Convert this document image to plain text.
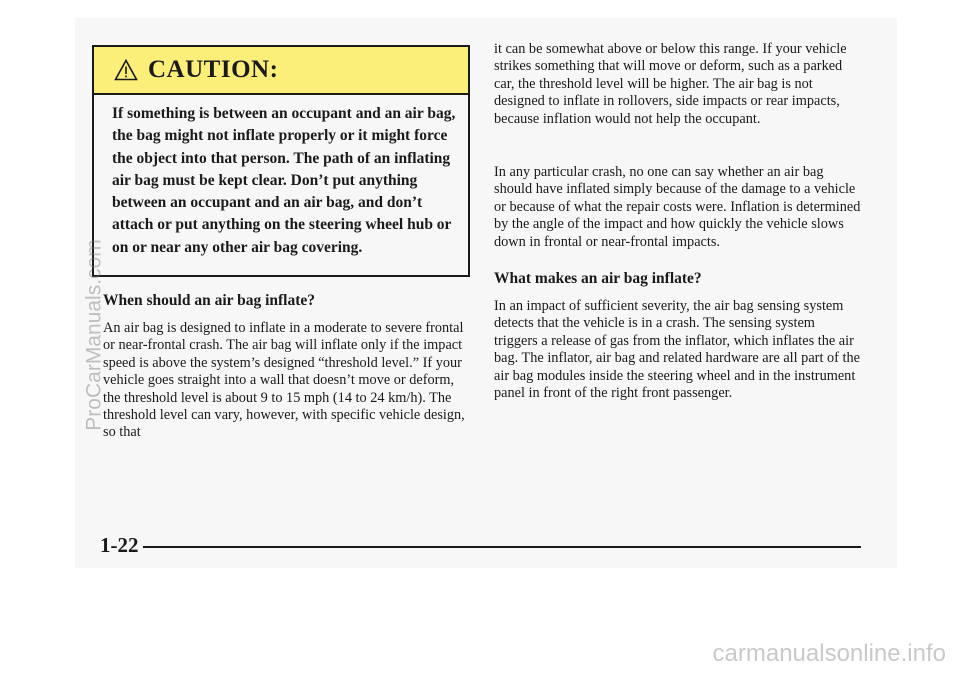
CAUTION:
If something is between an occupant and an air bag, the bag might not inflate properly or it might force the object into that person. The path of an inflating air bag must be kept clear. Don’t put anything between an occupant and an air bag, and don’t attach or put anything on the steering wheel hub or on or near any other air bag covering.
When should an air bag inflate?

An air bag is designed to inflate in a moderate to severe frontal or near-frontal crash. The air bag will inflate only if the impact speed is above the system’s designed “threshold level.” If your vehicle goes straight into a wall that doesn’t move or deform, the threshold level is about 9 to 15 mph (14 to 24 km/h). The threshold level can vary, however, with specific vehicle design, so that

it can be somewhat above or below this range. If your vehicle strikes something that will move or deform, such as a parked car, the threshold level will be higher. The air bag is not designed to inflate in rollovers, side impacts or rear impacts, because inflation would not help the occupant.

In any particular crash, no one can say whether an air bag should have inflated simply because of the damage to a vehicle or because of what the repair costs were. Inflation is determined by the angle of the impact and how quickly the vehicle slows down in frontal or near-frontal impacts.

What makes an air bag inflate?

In an impact of sufficient severity, the air bag sensing system detects that the vehicle is in a crash. The sensing system triggers a release of gas from the inflator, which inflates the air bag. The inflator, air bag and related hardware are all part of the air bag modules inside the steering wheel and in the instrument panel in front of the right front passenger.

1-22
ProCarManuals.com
carmanualsonline.info
